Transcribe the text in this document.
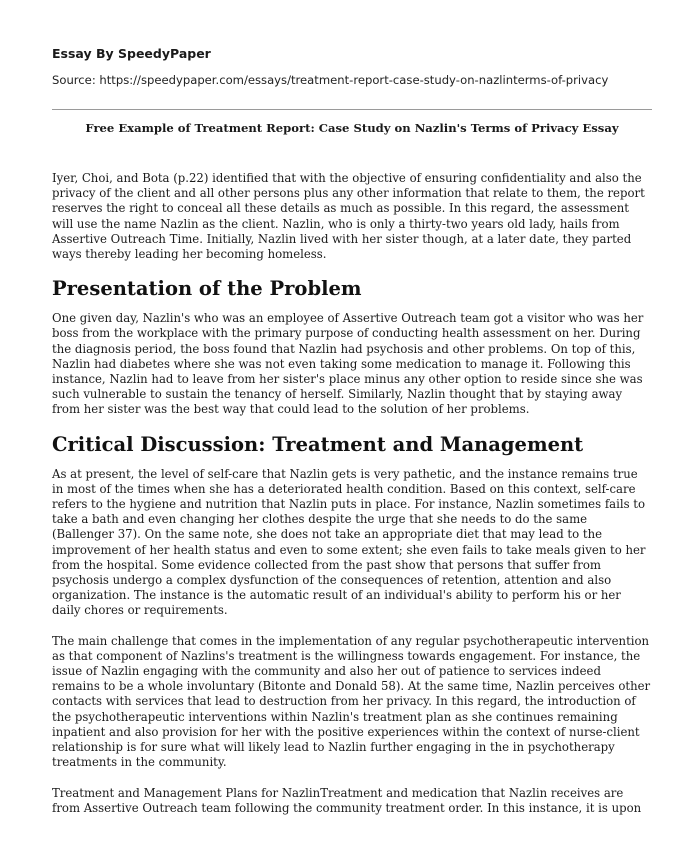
Essay By SpeedyPaper
Source: https://speedypaper.com/essays/treatment-report-case-study-on-nazlinterms-of-privacy
Free Example of Treatment Report: Case Study on Nazlin's Terms of Privacy Essay

Iyer, Choi, and Bota (p.22) identified that with the objective of ensuring confidentiality and also the privacy of the client and all other persons plus any other information that relate to them, the report reserves the right to conceal all these details as much as possible. In this regard, the assessment will use the name Nazlin as the client. Nazlin, who is only a thirty-two years old lady, hails from Assertive Outreach Time. Initially, Nazlin lived with her sister though, at a later date, they parted ways thereby leading her becoming homeless.

Presentation of the Problem

One given day, Nazlin's who was an employee of Assertive Outreach team got a visitor who was her boss from the workplace with the primary purpose of conducting health assessment on her. During the diagnosis period, the boss found that Nazlin had psychosis and other problems. On top of this, Nazlin had diabetes where she was not even taking some medication to manage it. Following this instance, Nazlin had to leave from her sister's place minus any other option to reside since she was such vulnerable to sustain the tenancy of herself. Similarly, Nazlin thought that by staying away from her sister was the best way that could lead to the solution of her problems.

Critical Discussion: Treatment and Management

As at present, the level of self-care that Nazlin gets is very pathetic, and the instance remains true in most of the times when she has a deteriorated health condition. Based on this context, self-care refers to the hygiene and nutrition that Nazlin puts in place. For instance, Nazlin sometimes fails to take a bath and even changing her clothes despite the urge that she needs to do the same (Ballenger 37). On the same note, she does not take an appropriate diet that may lead to the improvement of her health status and even to some extent; she even fails to take meals given to her from the hospital. Some evidence collected from the past show that persons that suffer from psychosis undergo a complex dysfunction of the consequences of retention, attention and also organization. The instance is the automatic result of an individual's ability to perform his or her daily chores or requirements.

The main challenge that comes in the implementation of any regular psychotherapeutic intervention as that component of Nazlins's treatment is the willingness towards engagement. For instance, the issue of Nazlin engaging with the community and also her out of patience to services indeed remains to be a whole involuntary (Bitonte and Donald 58). At the same time, Nazlin perceives other contacts with services that lead to destruction from her privacy. In this regard, the introduction of the psychotherapeutic interventions within Nazlin's treatment plan as she continues remaining inpatient and also provision for her with the positive experiences within the context of nurse-client relationship is for sure what will likely lead to Nazlin further engaging in the in psychotherapy treatments in the community.

Treatment and Management Plans for NazlinTreatment and medication that Nazlin receives are from Assertive Outreach team following the community treatment order. In this instance, it is upon
